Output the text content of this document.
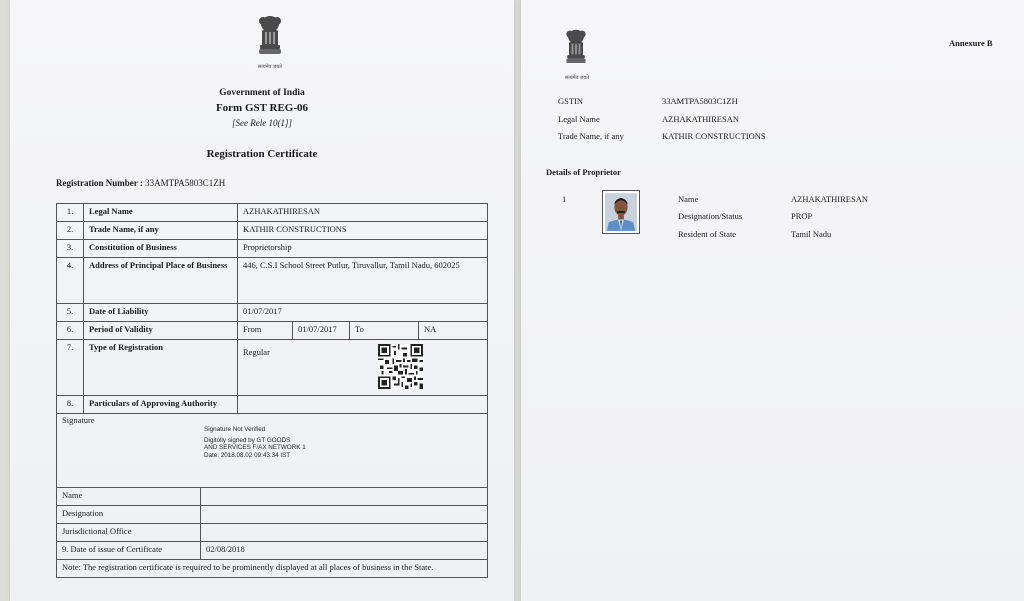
सत्यमेव जयते
Government of India
Form GST REG-06
[See Rele 10(1]]
Registration Certificate
Registration Number : 33AMTPA5803C1ZH
1.	Legal Name	AZHAKATHIRESAN
2.	Trade Name, if any	KATHIR CONSTRUCTIONS
3.	Constitution of Business	Proprietorship
4.	Address of Principal Place of Business	446, C.S.I School Street Putlur, Tiruvallur, Tamil Nadu, 602025
5.	Date of Liability	01/07/2017
6.	Period of Validity	From	01/07/2017	To	NA
7.	Type of Registration	Regular
8.	Particulars of Approving Authority
Signature
Signature Not Verified
Digitolly signed by GT GOODS
AND SERVICES F/AX NETWORK 1
Date: 2018.08.02 09:43:34 IST
Name
Designation
Jurisdictional Office
9. Date of issue of Certificate	02/08/2018
Note: The registration certificate is required to be prominently displayed at all places of business in the State.
Annexure B
सत्यमेव जयते
GSTIN	33AMTPA5803C1ZH
Legal Name	AZHAKATHIRESAN
Trade Name, if any	KATHIR CONSTRUCTIONS
Details of Proprietor
1	Name	AZHAKATHIRESAN
Designation/Status	PROP
Resident of State	Tamil Nadu
